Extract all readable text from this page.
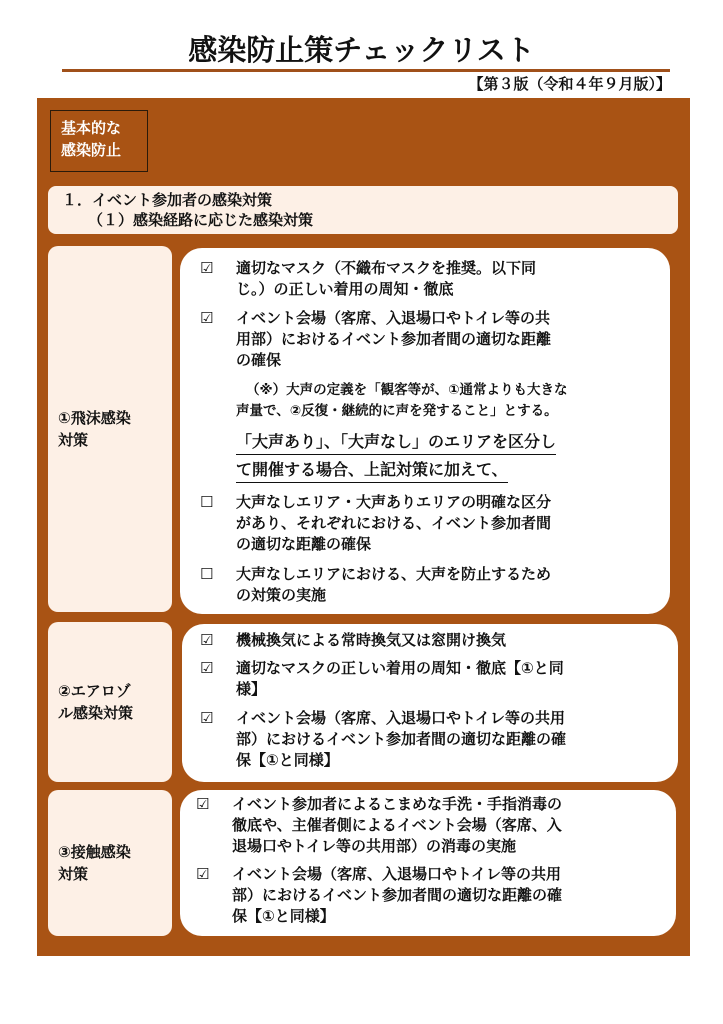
感染防止策チェックリスト
【第３版（令和４年９月版）】
基本的な
感染防止
１．イベント参加者の感染対策
（１）感染経路に応じた感染対策
①飛沫感染
対策
☑	適切なマスク（不織布マスクを推奨。以下同
じ。）の正しい着用の周知・徹底
☑	イベント会場（客席、入退場口やトイレ等の共
用部）におけるイベント参加者間の適切な距離
の確保
（※）大声の定義を「観客等が、①通常よりも大きな
声量で、②反復・継続的に声を発すること」とする。
「大声あり」、「大声なし」のエリアを区分し
て開催する場合、上記対策に加えて、
☐	大声なしエリア・大声ありエリアの明確な区分
があり、それぞれにおける、イベント参加者間
の適切な距離の確保
☐	大声なしエリアにおける、大声を防止するため
の対策の実施
②エアロゾ
ル感染対策
☑	機械換気による常時換気又は窓開け換気
☑	適切なマスクの正しい着用の周知・徹底【①と同
様】
☑	イベント会場（客席、入退場口やトイレ等の共用
部）におけるイベント参加者間の適切な距離の確
保【①と同様】
③接触感染
対策
☑	イベント参加者によるこまめな手洗・手指消毒の
徹底や、主催者側によるイベント会場（客席、入
退場口やトイレ等の共用部）の消毒の実施
☑	イベント会場（客席、入退場口やトイレ等の共用
部）におけるイベント参加者間の適切な距離の確
保【①と同様】
